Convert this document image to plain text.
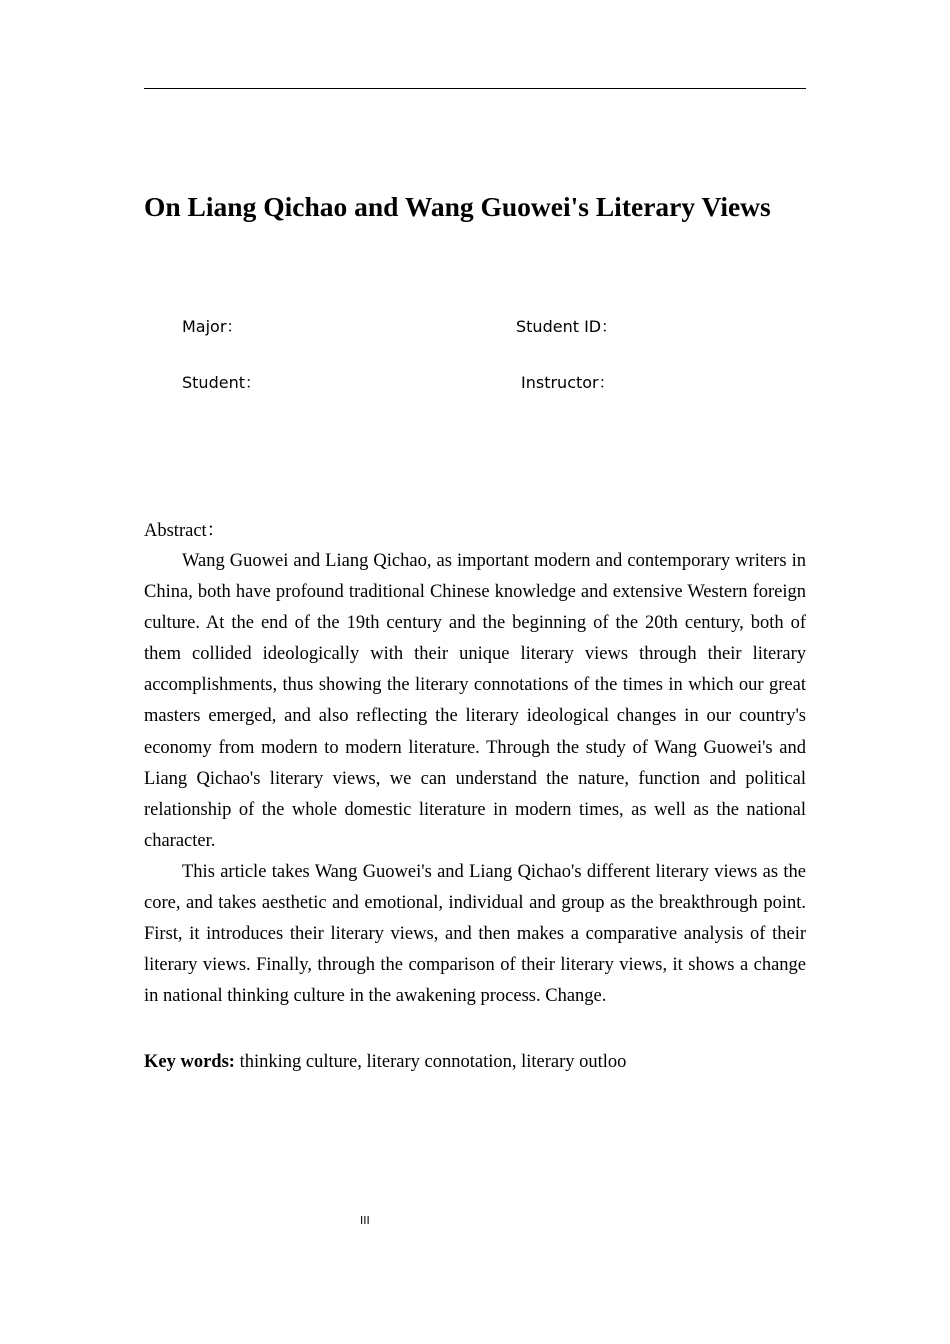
On Liang Qichao and Wang Guowei's Literary Views
Major：	Student ID：
Student：	Instructor：
Abstract：

Wang Guowei and Liang Qichao, as important modern and contemporary writers in China, both have profound traditional Chinese knowledge and extensive Western foreign culture. At the end of the 19th century and the beginning of the 20th century, both of them collided ideologically with their unique literary views through their literary accomplishments, thus showing the literary connotations of the times in which our great masters emerged, and also reflecting the literary ideological changes in our country's economy from modern to modern literature. Through the study of Wang Guowei's and Liang Qichao's literary views, we can understand the nature, function and political relationship of the whole domestic literature in modern times, as well as the national character.

This article takes Wang Guowei's and Liang Qichao's different literary views as the core, and takes aesthetic and emotional, individual and group as the breakthrough point. First, it introduces their literary views, and then makes a comparative analysis of their literary views. Finally, through the comparison of their literary views, it shows a change in national thinking culture in the awakening process. Change.

Key words: thinking culture, literary connotation, literary outloo
III
